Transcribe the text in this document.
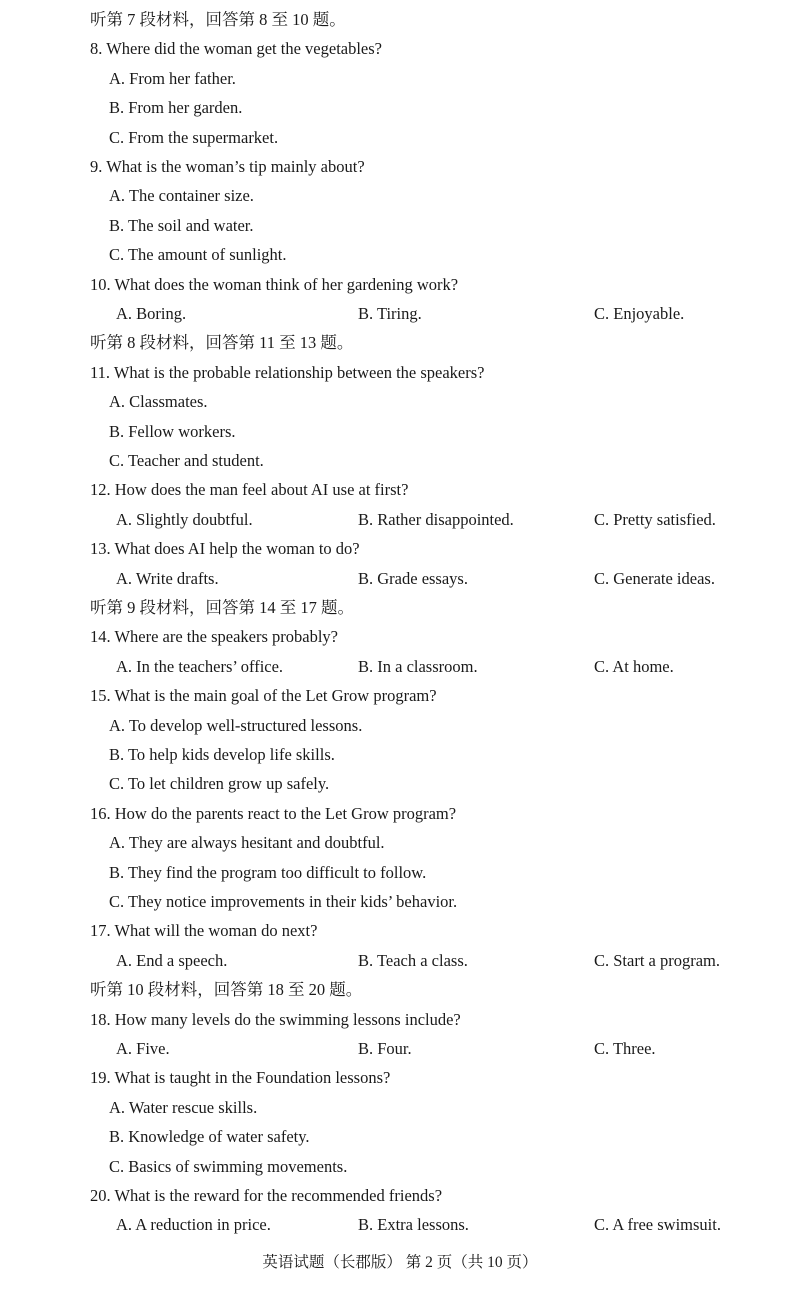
英语试题（长郡版） 第 2 页（共 10 页）
听第 7 段材料，回答第 8 至 10 题。
8. Where did the woman get the vegetables?
A. From her father.
B. From her garden.
C. From the supermarket.
9. What is the woman’s tip mainly about?
A. The container size.
B. The soil and water.
C. The amount of sunlight.
10. What does the woman think of her gardening work?
A. Boring.	B. Tiring.	C. Enjoyable.
听第 8 段材料，回答第 11 至 13 题。
11. What is the probable relationship between the speakers?
A. Classmates.
B. Fellow workers.
C. Teacher and student.
12. How does the man feel about AI use at first?
A. Slightly doubtful.	B. Rather disappointed.	C. Pretty satisfied.
13. What does AI help the woman to do?
A. Write drafts.	B. Grade essays.	C. Generate ideas.
听第 9 段材料，回答第 14 至 17 题。
14. Where are the speakers probably?
A. In the teachers’ office.	B. In a classroom.	C. At home.
15. What is the main goal of the Let Grow program?
A. To develop well-structured lessons.
B. To help kids develop life skills.
C. To let children grow up safely.
16. How do the parents react to the Let Grow program?
A. They are always hesitant and doubtful.
B. They find the program too difficult to follow.
C. They notice improvements in their kids’ behavior.
17. What will the woman do next?
A. End a speech.	B. Teach a class.	C. Start a program.
听第 10 段材料，回答第 18 至 20 题。
18. How many levels do the swimming lessons include?
A. Five.	B. Four.	C. Three.
19. What is taught in the Foundation lessons?
A. Water rescue skills.
B. Knowledge of water safety.
C. Basics of swimming movements.
20. What is the reward for the recommended friends?
A. A reduction in price.	B. Extra lessons.	C. A free swimsuit.
